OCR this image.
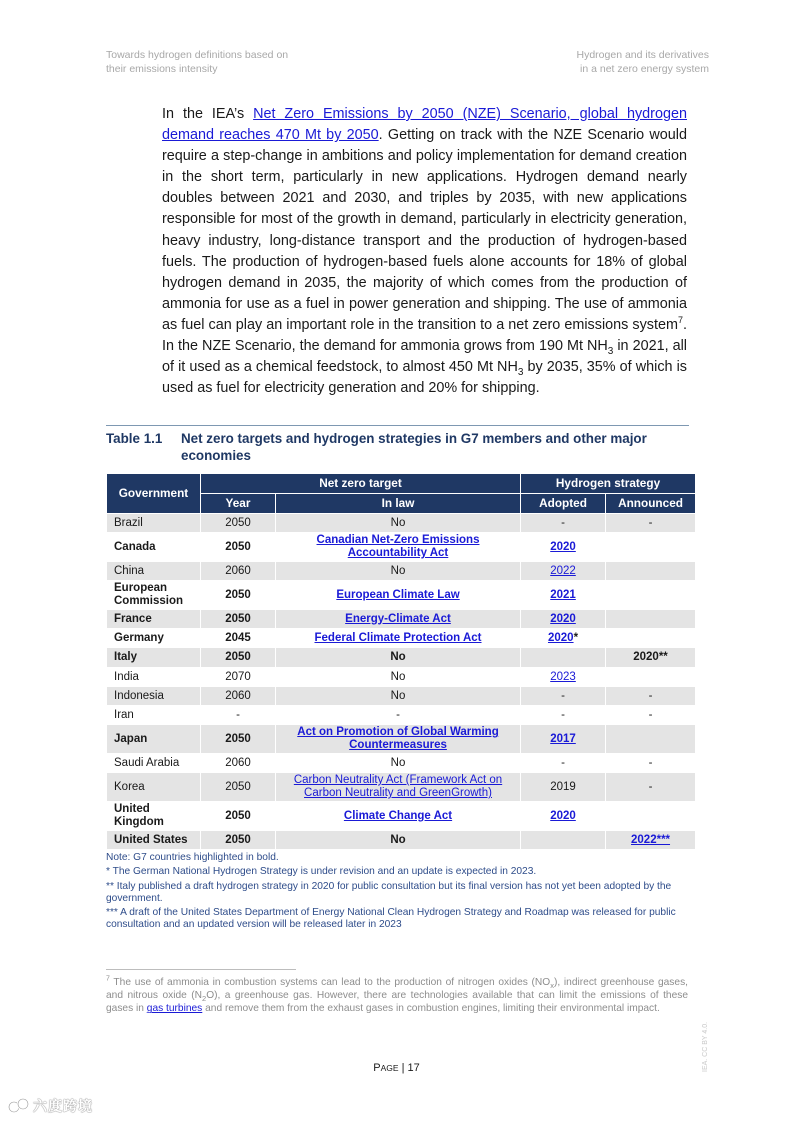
Towards hydrogen definitions based on
their emissions intensity
Hydrogen and its derivatives
in a net zero energy system

In the IEA’s Net Zero Emissions by 2050 (NZE) Scenario, global hydrogen demand reaches 470 Mt by 2050. Getting on track with the NZE Scenario would require a step-change in ambitions and policy implementation for demand creation in the short term, particularly in new applications. Hydrogen demand nearly doubles between 2021 and 2030, and triples by 2035, with new applications responsible for most of the growth in demand, particularly in electricity generation, heavy industry, long-distance transport and the production of hydrogen-based fuels. The production of hydrogen-based fuels alone accounts for 18% of global hydrogen demand in 2035, the majority of which comes from the production of ammonia for use as a fuel in power generation and shipping. The use of ammonia as fuel can play an important role in the transition to a net zero emissions system$^7$. In the NZE Scenario, the demand for ammonia grows from 190 Mt $NH_3$ in 2021, all of it used as a chemical feedstock, to almost 450 Mt $NH_3$ by 2035, 35% of which is used as fuel for electricity generation and 20% for shipping.

Table 1.1 Net zero targets and hydrogen strategies in G7 members and other major economies
Government	Net zero target		Hydrogen strategy	
	Year	In law	Adopted	Announced
Brazil	2050	No	-	-
Canada	2050	Canadian Net-Zero Emissions Accountability Act	2020	
China	2060	No	2022	
European Commission	2050	European Climate Law	2021	
France	2050	Energy-Climate Act	2020	
Germany	2045	Federal Climate Protection Act	2020*	
Italy	2050	No		2020**
India	2070	No	2023	
Indonesia	2060	No	-	-
Iran	-	-	-	-
Japan	2050	Act on Promotion of Global Warming Countermeasures	2017	
Saudi Arabia	2060	No	-	-
Korea	2050	Carbon Neutrality Act (Framework Act on Carbon Neutrality and GreenGrowth)	2019	-
United Kingdom	2050	Climate Change Act	2020	
United States	2050	No		2022***

Note: G7 countries highlighted in bold.

* The German National Hydrogen Strategy is under revision and an update is expected in 2023.

** Italy published a draft hydrogen strategy in 2020 for public consultation but its final version has not yet been adopted by the government.

*** A draft of the United States Department of Energy National Clean Hydrogen Strategy and Roadmap was released for public consultation and an updated version will be released later in 2023

$^7$ The use of ammonia in combustion systems can lead to the production of nitrogen oxides $(NO_x)$, indirect greenhouse gases, and nitrous oxide $(N_2O)$, a greenhouse gas. However, there are technologies available that can limit the emissions of these gases in gas turbines and remove them from the exhaust gases in combustion engines, limiting their environmental impact.

PAGE | 17	IEA. CC BY 4.0.
六度跨境
